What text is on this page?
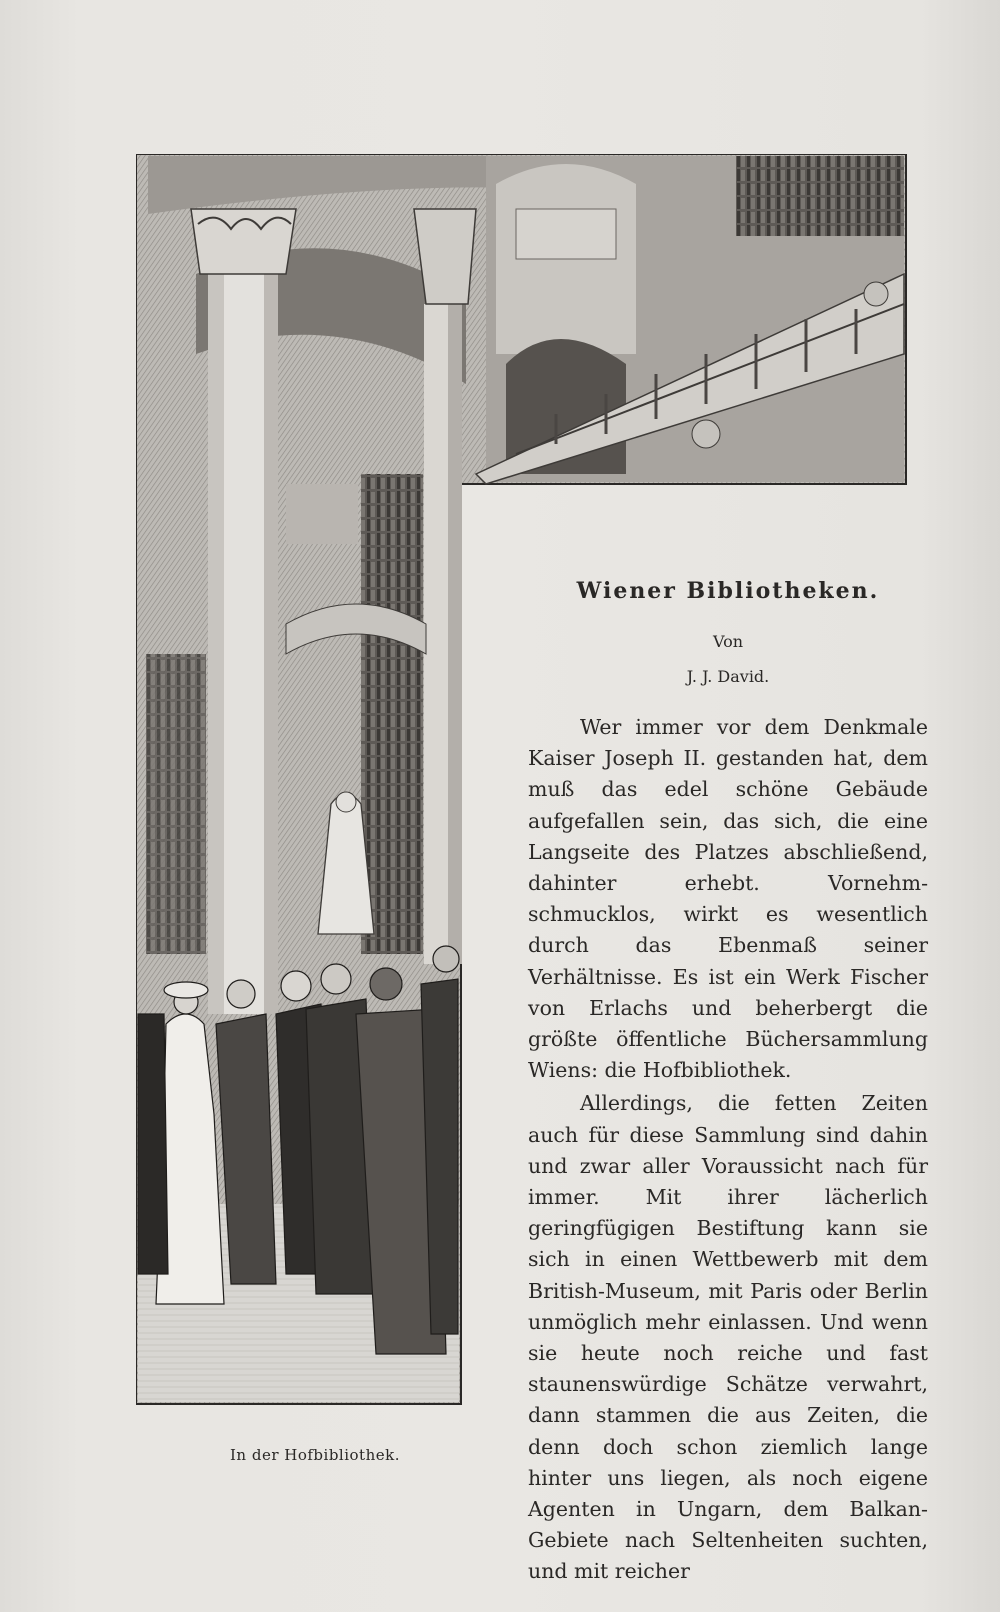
In der Hofbibliothek.
Wiener Bibliotheken.
Von
J. J. David.

Wer immer vor dem Denkmale Kaiser Joseph II. gestanden hat, dem muß das edel schöne Gebäude aufgefallen sein, das sich, die eine Langseite des Platzes abschließend, dahinter erhebt. Vornehm-schmucklos, wirkt es wesentlich durch das Ebenmaß seiner Verhältnisse. Es ist ein Werk Fischer von Erlachs und beherbergt die größte öffentliche Büchersammlung Wiens: die Hofbibliothek.

Allerdings, die fetten Zeiten auch für diese Sammlung sind dahin und zwar aller Voraussicht nach für immer. Mit ihrer lächerlich geringfügigen Bestiftung kann sie sich in einen Wettbewerb mit dem British-Museum, mit Paris oder Berlin unmöglich mehr einlassen. Und wenn sie heute noch reiche und fast staunenswürdige Schätze verwahrt, dann stammen die aus Zeiten, die denn doch schon ziemlich lange hinter uns liegen, als noch eigene Agenten in Ungarn, dem Balkan-Gebiete nach Seltenheiten suchten, und mit reicher
